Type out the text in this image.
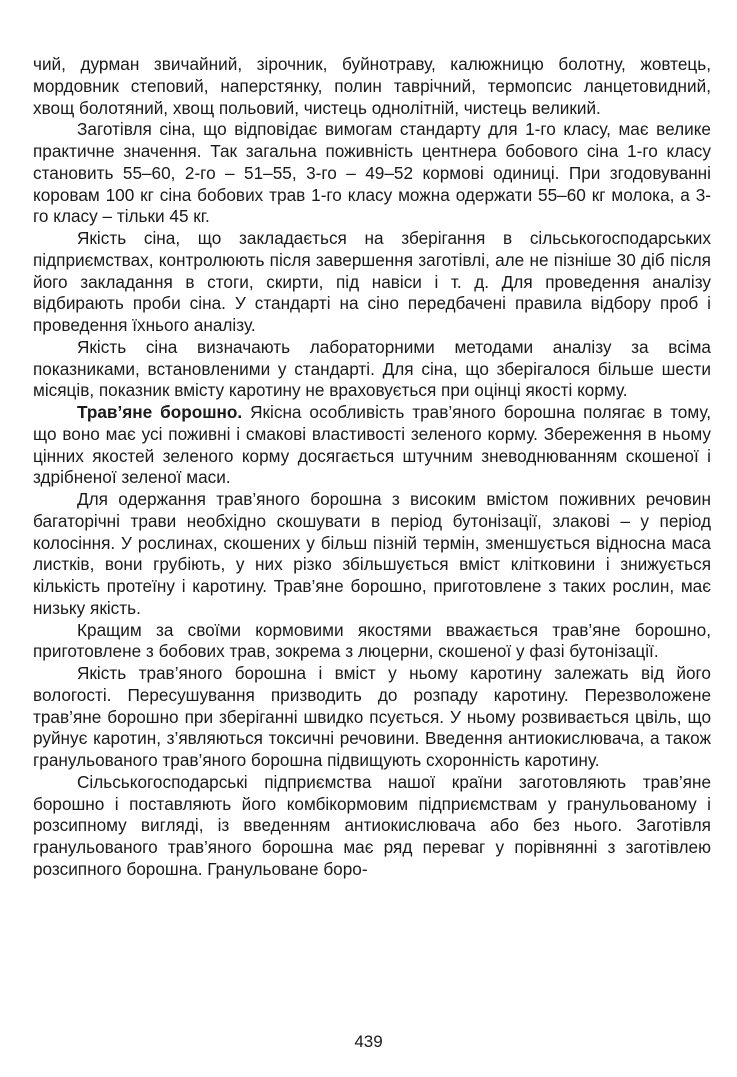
чий, дурман звичайний, зірочник, буйнотраву, калюжницю болотну, жовтець, мордовник степовий, наперстянку, полин таврічний, термопсис ланцетовидний, хвощ болотяний, хвощ польовий, чистець однолітній, чистець великий.

Заготівля сіна, що відповідає вимогам стандарту для 1-го класу, має велике практичне значення. Так загальна поживність центнера бобового сіна 1-го класу становить 55–60, 2-го – 51–55, 3-го – 49–52 кормові одиниці. При згодовуванні коровам 100 кг сіна бобових трав 1-го класу можна одержати 55–60 кг молока, а 3-го класу – тільки 45 кг.

Якість сіна, що закладається на зберігання в сільськогосподарських підприємствах, контролюють після завершення заготівлі, але не пізніше 30 діб після його закладання в стоги, скирти, під навіси і т. д. Для проведення аналізу відбирають проби сіна. У стандарті на сіно передбачені правила відбору проб і проведення їхнього аналізу.

Якість сіна визначають лабораторними методами аналізу за всіма показниками, встановленими у стандарті. Для сіна, що зберігалося більше шести місяців, показник вмісту каротину не враховується при оцінці якості корму.

Трав’яне борошно. Якісна особливість трав’яного борошна полягає в тому, що воно має усі поживні і смакові властивості зеленого корму. Збереження в ньому цінних якостей зеленого корму досягається штучним зневоднюванням скошеної і здрібненої зеленої маси.

Для одержання трав’яного борошна з високим вмістом поживних речовин багаторічні трави необхідно скошувати в період бутонізації, злакові – у період колосіння. У рослинах, скошених у більш пізній термін, зменшується відносна маса листків, вони грубіють, у них різко збільшується вміст клітковини і знижується кількість протеїну і каротину. Трав’яне борошно, приготовлене з таких рослин, має низьку якість.

Кращим за своїми кормовими якостями вважається трав’яне борошно, приготовлене з бобових трав, зокрема з люцерни, скошеної у фазі бутонізації.

Якість трав’яного борошна і вміст у ньому каротину залежать від його вологості. Пересушування призводить до розпаду каротину. Перезволожене трав’яне борошно при зберіганні швидко псується. У ньому розвивається цвіль, що руйнує каротин, з’являються токсичні речовини. Введення антиокислювача, а також гранульованого трав’яного борошна підвищують схоронність каротину.

Сільськогосподарські підприємства нашої країни заготовляють трав’яне борошно і поставляють його комбікормовим підприємствам у гранульованому і розсипному вигляді, із введенням антиокислювача або без нього. Заготівля гранульованого трав’яного борошна має ряд переваг у порівнянні з заготівлею розсипного борошна. Гранульоване боро-

439
